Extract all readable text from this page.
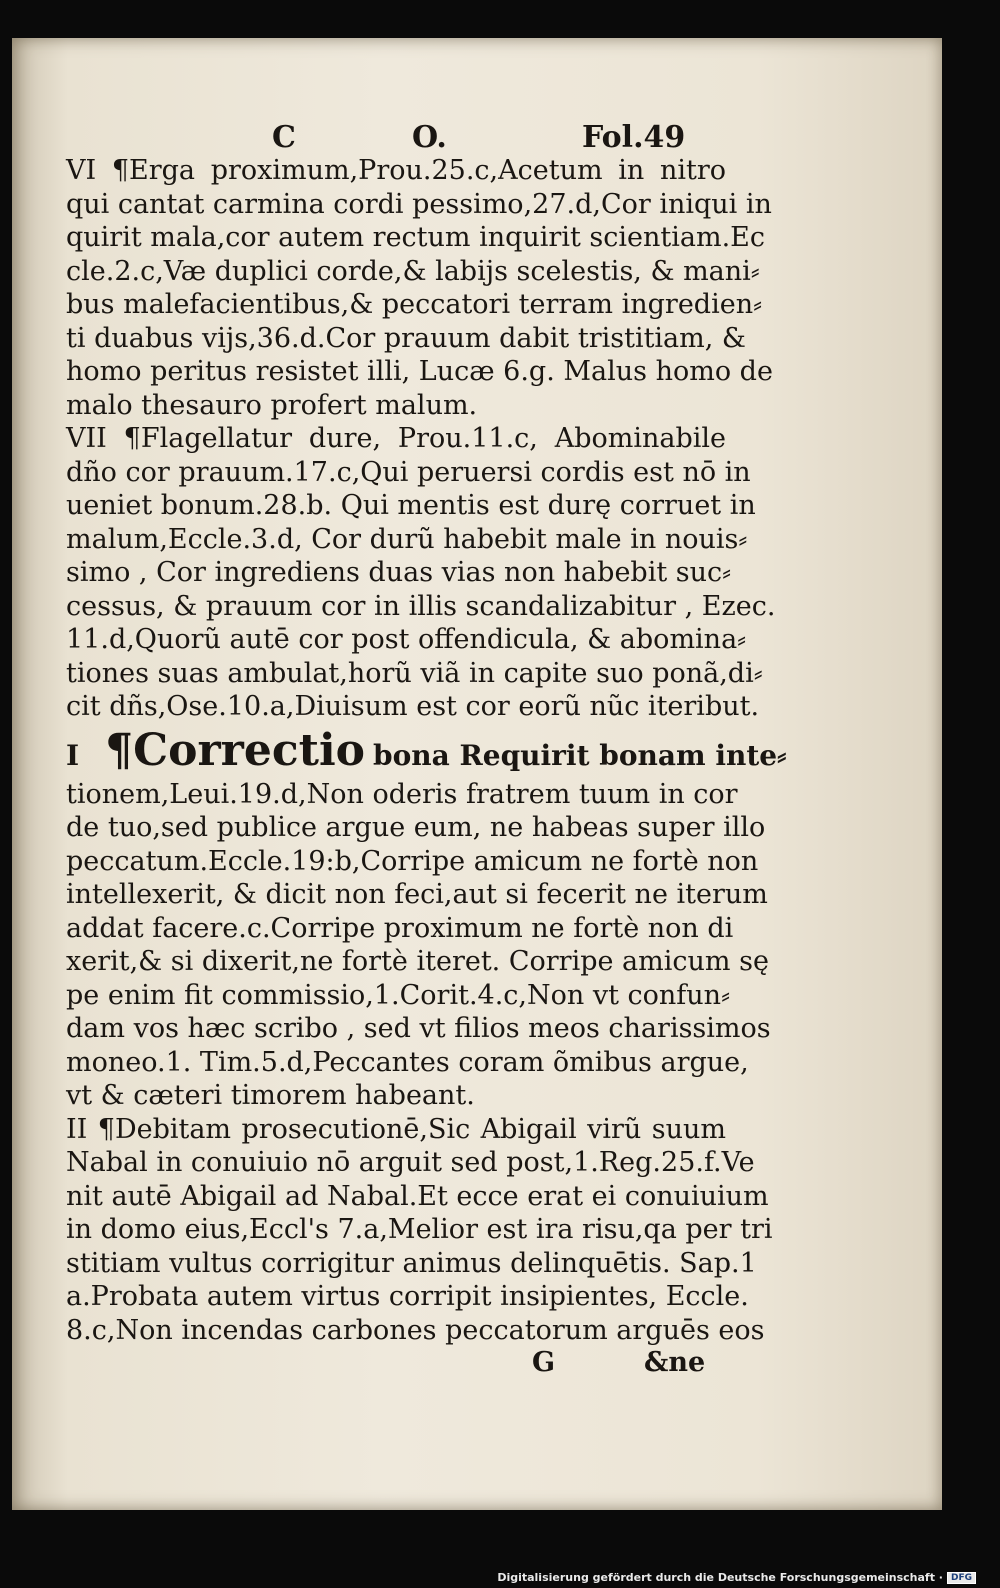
C	O.	Fol.49
VI ¶Erga proximum,Prou.25.c,Acetum in nitro
qui cantat carmina cordi pessimo,27.d,Cor iniqui in
quirit mala,cor autem rectum inquirit scientiam.Ec
cle.2.c,Væ duplici corde,& labijs scelestis, & mani⸗
bus malefacientibus,& peccatori terram ingredien⸗
ti duabus vijs,36.d.Cor prauum dabit tristitiam, &
homo peritus resistet illi, Lucæ 6.g. Malus homo de
malo thesauro profert malum.
VII ¶Flagellatur dure, Prou.11.c, Abominabile
dño cor prauum.17.c,Qui peruersi cordis est nō in
ueniet bonum.28.b. Qui mentis est durę corruet in
malum,Eccle.3.d, Cor durũ habebit male in nouis⸗
simo , Cor ingrediens duas vias non habebit suc⸗
cessus, & prauum cor in illis scandalizabitur , Ezec.
11.d,Quorũ autē cor post offendicula, & abomina⸗
tiones suas ambulat,horũ viã in capite suo ponã,di⸗
cit dñs,Ose.10.a,Diuisum est cor eorũ nũc iteribut.
I ¶Correctio bona Requirit bonam inte⸗
tionem,Leui.19.d,Non oderis fratrem tuum in cor
de tuo,sed publice argue eum, ne habeas super illo
peccatum.Eccle.19:b,Corripe amicum ne fortè non
intellexerit, & dicit non feci,aut si fecerit ne iterum
addat facere.c.Corripe proximum ne fortè non di
xerit,& si dixerit,ne fortè iteret. Corripe amicum sę
pe enim fit commissio,1.Corit.4.c,Non vt confun⸗
dam vos hæc scribo , sed vt filios meos charissimos
moneo.1. Tim.5.d,Peccantes coram õmibus argue,
vt & cæteri timorem habeant.
II ¶Debitam prosecutionē,Sic Abigail virũ suum
Nabal in conuiuio nō arguit sed post,1.Reg.25.f.Ve
nit autē Abigail ad Nabal.Et ecce erat ei conuiuium
in domo eius,Eccl's 7.a,Melior est ira risu,qa per tri
stitiam vultus corrigitur animus delinquētis. Sap.1
a.Probata autem virtus corripit insipientes, Eccle.
8.c,Non incendas carbones peccatorum arguēs eos
G	&ne
Digitalisierung gefördert durch die Deutsche Forschungsgemeinschaft · DFG
